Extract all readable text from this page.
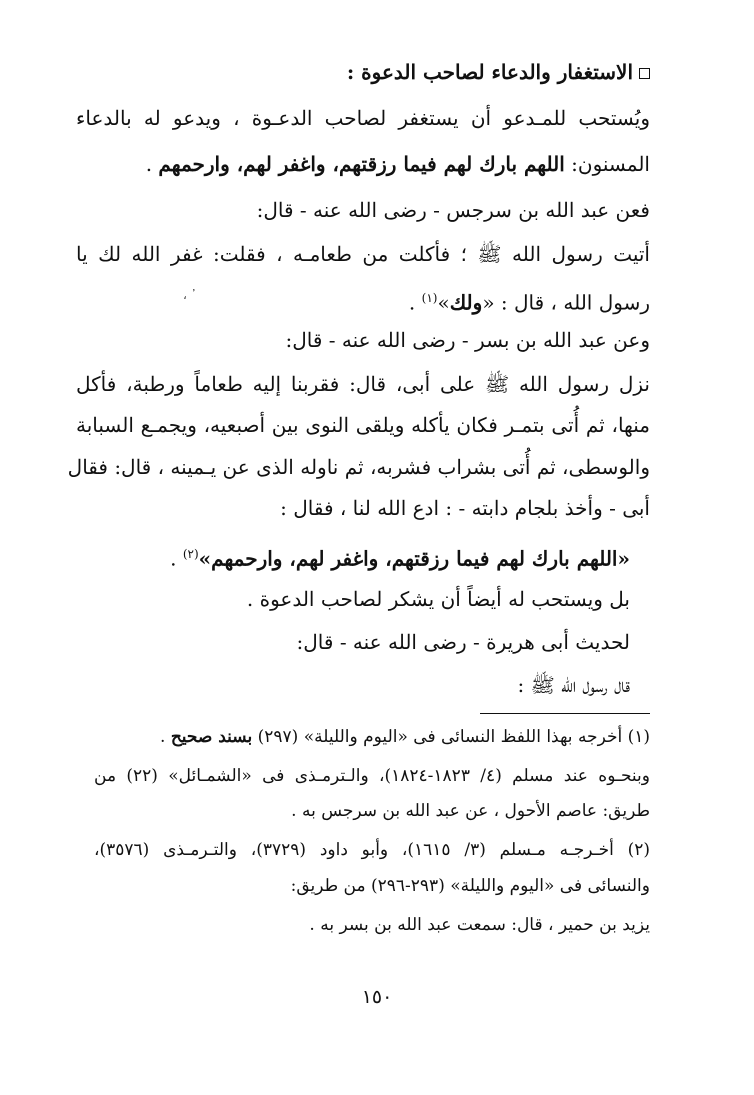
الاستغفار والدعاء لصاحب الدعوة :
ويُستحب للمـدعو أن يستغفر لصاحب الدعـوة ، ويدعو له بالدعاء
المسنون: اللهم بارك لهم فيما رزقتهم، واغفر لهم، وارحمهم .
فعن عبد الله بن سرجس - رضى الله عنه - قال:
أتيت رسول الله ﷺ ؛ فأكلت من طعامـه ، فقلت: غفر الله لك يا
رسول الله ، قال : «ولك»$^{(١)}$ .
᾽ ،
وعن عبد الله بن بسر - رضى الله عنه - قال:
نزل رسول الله ﷺ على أبى، قال: فقربنا إليه طعاماً ورطبة، فأكل
منها، ثم أُتى بتمـر فكان يأكله ويلقى النوى بين أصبعيه، ويجمـع السبابة
والوسطى، ثم أُتى بشراب فشربه، ثم ناوله الذى عن يـمينه ، قال: فقال
أبى - وأخذ بلجام دابته - : ادع الله لنا ، فقال :
«اللهم بارك لهم فيما رزقتهم، واغفر لهم، وارحمهم»$^{(٢)}$ .
بل ويستحب له أيضاً أن يشكر لصاحب الدعوة .
لحديث أبى هريرة - رضى الله عنه - قال:
قال رسول الله ﷺ :
(١) أخرجه بهذا اللفظ النسائى فى «اليوم والليلة» (٢٩٧) بسند صحيح .
وبنحـوه عند مسلم (٤/ ١٨٢٣-١٨٢٤)، والـترمـذى فى «الشمـائل» (٢٢) من
طريق: عاصم الأحول ، عن عبد الله بن سرجس به .
(٢) أخـرجـه مـسلم (٣/ ١٦١٥)، وأبو داود (٣٧٢٩)، والتـرمـذى (٣٥٧٦)،
والنسائى فى «اليوم والليلة» (٢٩٣-٢٩٦) من طريق:
يزيد بن حمير ، قال: سمعت عبد الله بن بسر به .
١٥٠
